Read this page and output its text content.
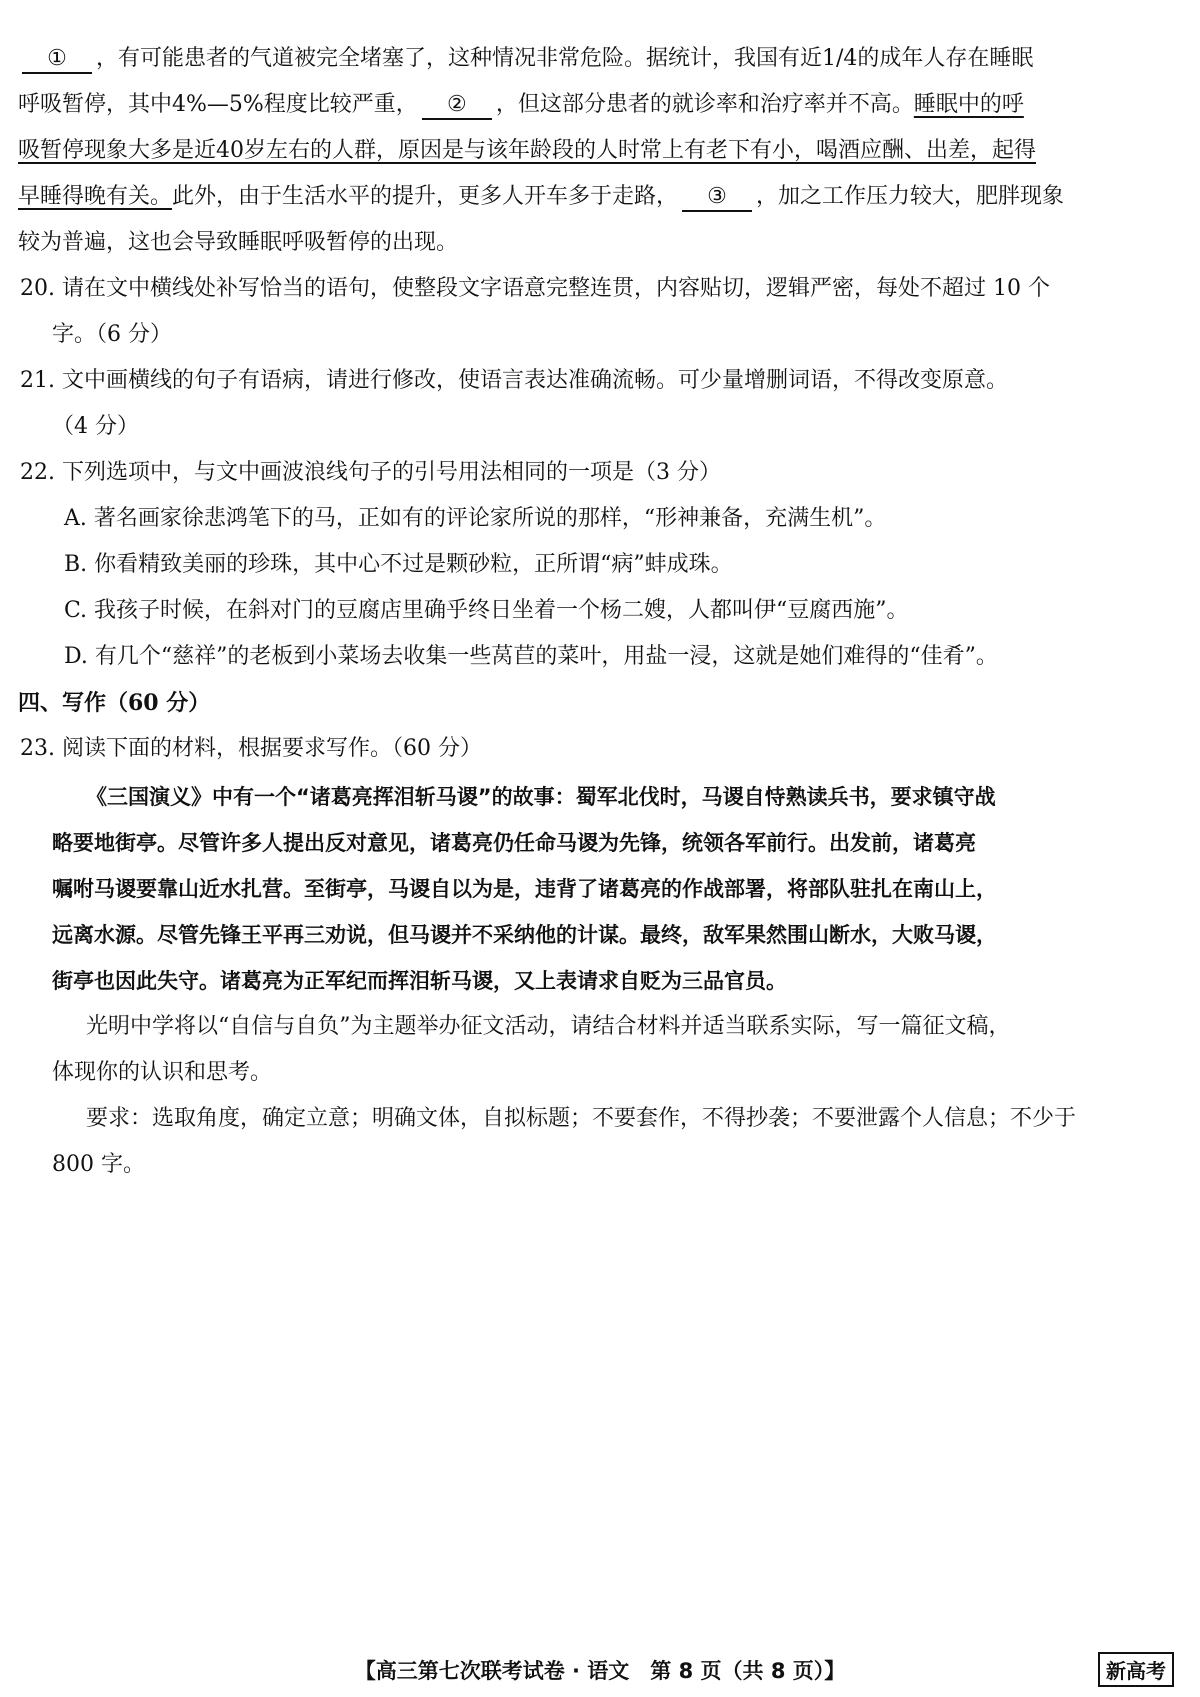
① ，有可能患者的气道被完全堵塞了，这种情况非常危险。据统计，我国有近1/4的成年人存在睡眠
呼吸暂停，其中4%—5%程度比较严重， ② ，但这部分患者的就诊率和治疗率并不高。睡眠中的呼
吸暂停现象大多是近40岁左右的人群，原因是与该年龄段的人时常上有老下有小，喝酒应酬、出差，起得
早睡得晚有关。此外，由于生活水平的提升，更多人开车多于走路， ③ ，加之工作压力较大，肥胖现象
较为普遍，这也会导致睡眠呼吸暂停的出现。
20. 请在文中横线处补写恰当的语句，使整段文字语意完整连贯，内容贴切，逻辑严密，每处不超过 10 个
字。（6 分）
21. 文中画横线的句子有语病，请进行修改，使语言表达准确流畅。可少量增删词语，不得改变原意。
（4 分）
22. 下列选项中，与文中画波浪线句子的引号用法相同的一项是（3 分）
A. 著名画家徐悲鸿笔下的马，正如有的评论家所说的那样，“形神兼备，充满生机”。
B. 你看精致美丽的珍珠，其中心不过是颗砂粒，正所谓“病”蚌成珠。
C. 我孩子时候，在斜对门的豆腐店里确乎终日坐着一个杨二嫂，人都叫伊“豆腐西施”。
D. 有几个“慈祥”的老板到小菜场去收集一些莴苣的菜叶，用盐一浸，这就是她们难得的“佳肴”。
四、写作（60 分）
23. 阅读下面的材料，根据要求写作。（60 分）
《三国演义》中有一个“诸葛亮挥泪斩马谡”的故事：蜀军北伐时，马谡自恃熟读兵书，要求镇守战
略要地街亭。尽管许多人提出反对意见，诸葛亮仍任命马谡为先锋，统领各军前行。出发前，诸葛亮
嘱咐马谡要靠山近水扎营。至街亭，马谡自以为是，违背了诸葛亮的作战部署，将部队驻扎在南山上，
远离水源。尽管先锋王平再三劝说，但马谡并不采纳他的计谋。最终，敌军果然围山断水，大败马谡，
街亭也因此失守。诸葛亮为正军纪而挥泪斩马谡，又上表请求自贬为三品官员。
光明中学将以“自信与自负”为主题举办征文活动，请结合材料并适当联系实际，写一篇征文稿，
体现你的认识和思考。
要求：选取角度，确定立意；明确文体，自拟标题；不要套作，不得抄袭；不要泄露个人信息；不少于
800 字。
【高三第七次联考试卷 · 语文　第 8 页（共 8 页）】	新高考
